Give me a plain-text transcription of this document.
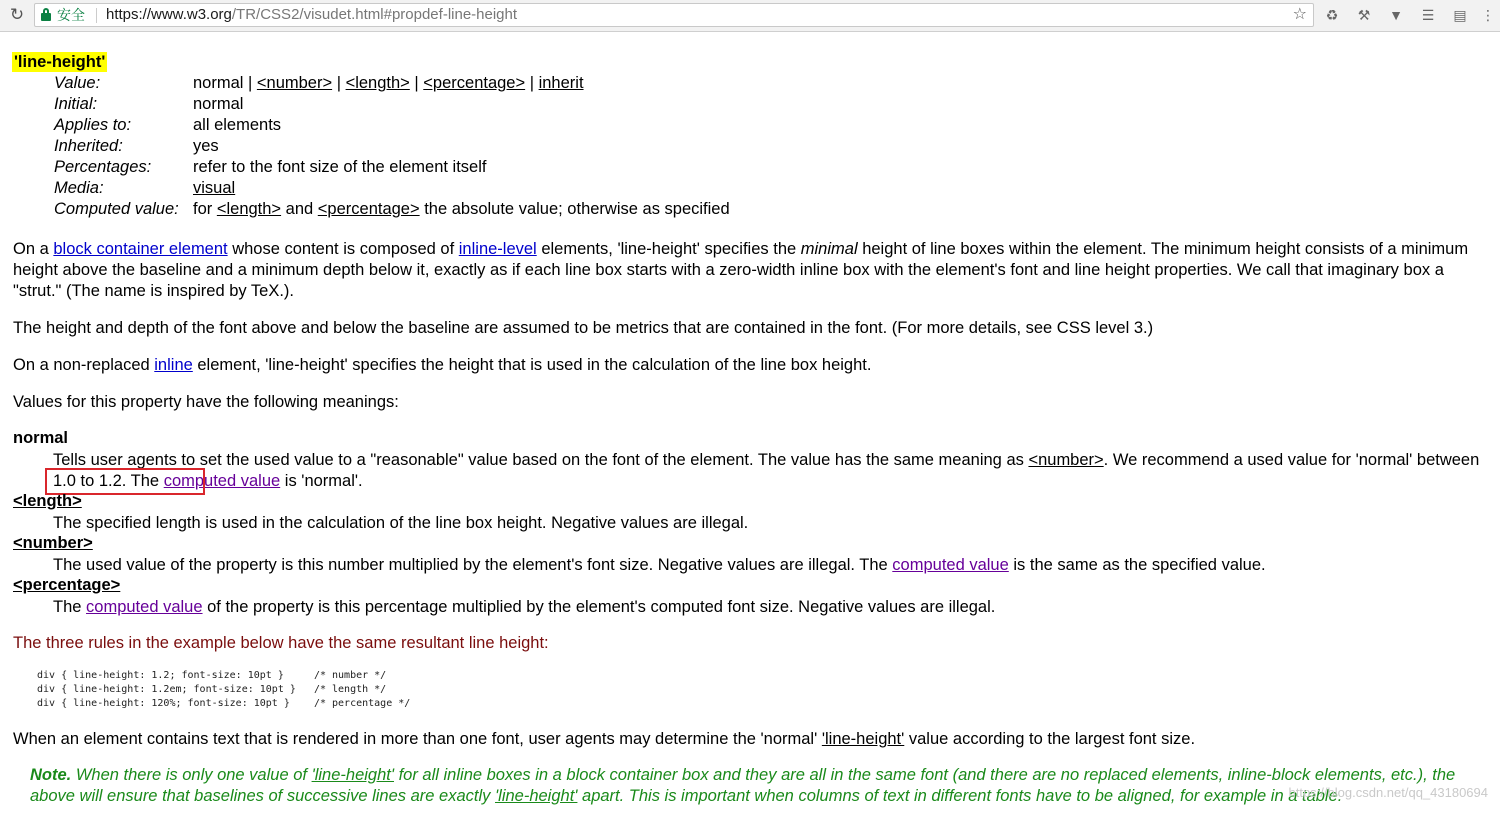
↻ 安全 https://www.w3.org/TR/CSS2/visudet.html#propdef-line-height	☆ ♻ ⚒ ▼ ☰ ▤ ⋮
'line-height'
Value:	normal | <number> | <length> | <percentage> | inherit
Initial:	normal
Applies to:	all elements
Inherited:	yes
Percentages:	refer to the font size of the element itself
Media:	visual
Computed value: for <length> and <percentage> the absolute value; otherwise as specified
On a block container element whose content is composed of inline-level elements, 'line-height' specifies the minimal height of line boxes within the element. The minimum height consists of a minimum height above the baseline and a minimum depth below it, exactly as if each line box starts with a zero-width inline box with the element's font and line height properties. We call that imaginary box a "strut." (The name is inspired by TeX.).
The height and depth of the font above and below the baseline are assumed to be metrics that are contained in the font. (For more details, see CSS level 3.)
On a non-replaced inline element, 'line-height' specifies the height that is used in the calculation of the line box height.
Values for this property have the following meanings:
normal
Tells user agents to set the used value to a "reasonable" value based on the font of the element. The value has the same meaning as <number>. We recommend a used value for 'normal' between 1.0 to 1.2. The computed value is 'normal'.
<length>
The specified length is used in the calculation of the line box height. Negative values are illegal.
<number>
The used value of the property is this number multiplied by the element's font size. Negative values are illegal. The computed value is the same as the specified value.
<percentage>
The computed value of the property is this percentage multiplied by the element's computed font size. Negative values are illegal.
The three rules in the example below have the same resultant line height:
div { line-height: 1.2; font-size: 10pt }     /* number */
div { line-height: 1.2em; font-size: 10pt }   /* length */
div { line-height: 120%; font-size: 10pt }    /* percentage */
When an element contains text that is rendered in more than one font, user agents may determine the 'normal' 'line-height' value according to the largest font size.
Note. When there is only one value of 'line-height' for all inline boxes in a block container box and they are all in the same font (and there are no replaced elements, inline-block elements, etc.), the above will ensure that baselines of successive lines are exactly 'line-height' apart. This is important when columns of text in different fonts have to be aligned, for example in a table.
https://blog.csdn.net/qq_43180694
